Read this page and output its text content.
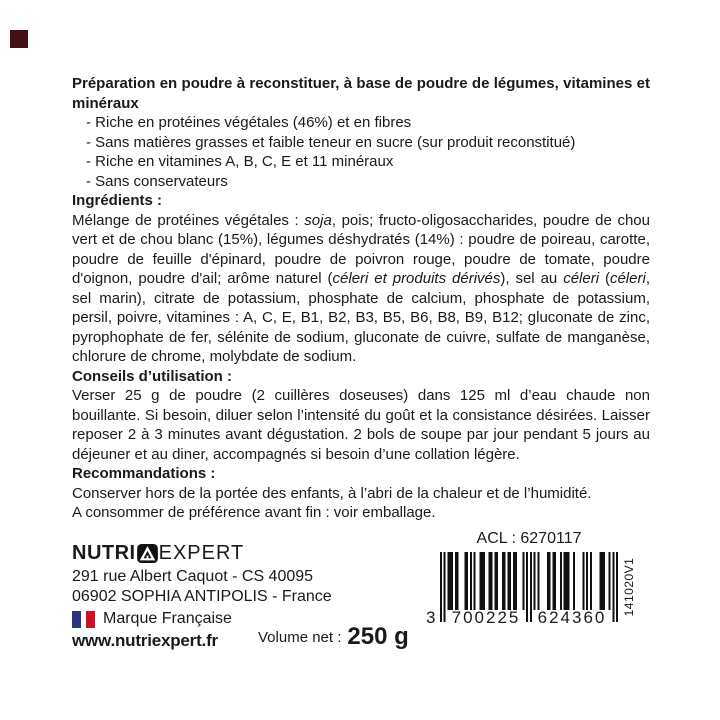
Préparation en poudre à reconstituer, à base de poudre de légumes, vitamines et minéraux

- Riche en protéines végétales (46%) et en fibres
- Sans matières grasses et faible teneur en sucre (sur produit reconstitué)
- Riche en vitamines A, B, C, E et 11 minéraux
- Sans conservateurs

Ingrédients :

Mélange de protéines végétales : soja, pois; fructo-oligosaccharides, poudre de chou vert et de chou blanc (15%), légumes déshydratés (14%) : poudre de poireau, carotte, poudre de feuille d'épinard, poudre de poivron rouge, poudre de tomate, poudre d'oignon, poudre d'ail; arôme naturel (céleri et produits dérivés), sel au céleri (céleri, sel marin), citrate de potassium, phosphate de calcium, phosphate de potassium, persil, poivre, vitamines : A, C, E, B1, B2, B3, B5, B6, B8, B9, B12; gluconate de zinc, pyrophophate de fer, sélénite de sodium, gluconate de cuivre, sulfate de manganèse, chlorure de chrome, molybdate de sodium.

Conseils d’utilisation :

Verser 25 g de poudre (2 cuillères doseuses) dans 125 ml d’eau chaude non bouillante. Si besoin, diluer selon l’intensité du goût et la consistance désirées. Laisser reposer 2 à 3 minutes avant dégustation. 2 bols de soupe par jour pendant 5 jours au déjeuner et au diner, accompagnés si besoin d’une collation légère.

Recommandations :

Conserver hors de la portée des enfants, à l’abri de la chaleur et de l’humidité.
A consommer de préférence avant fin : voir emballage.
NUTRI EXPERT
291 rue Albert Caquot - CS 40095
06902 SOPHIA ANTIPOLIS - France
Marque Française
www.nutriexpert.fr	Volume net : 250 g
ACL : 6270117
3 700225 624360
141020V1
